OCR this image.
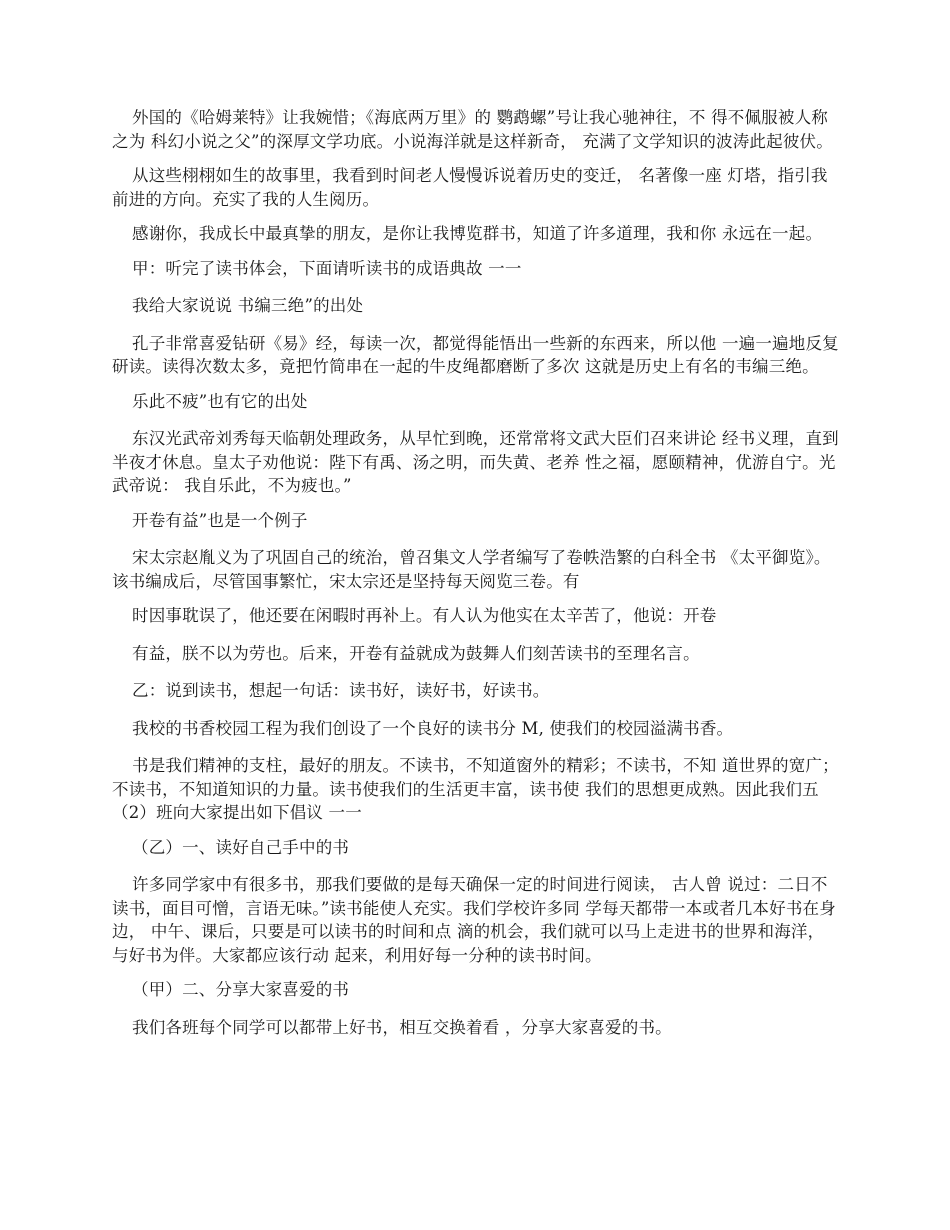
外国的《哈姆莱特》让我婉惜；《海底两万里》的 鹦鹉螺”号让我心驰神往，不 得不佩服被人称之为 科幻小说之父”的深厚文学功底。小说海洋就是这样新奇， 充满了文学知识的波涛此起彼伏。

从这些栩栩如生的故事里，我看到时间老人慢慢诉说着历史的变迁， 名著像一座 灯塔，指引我前进的方向。充实了我的人生阅历。

感谢你，我成长中最真挚的朋友，是你让我博览群书，知道了许多道理，我和你 永远在一起。

甲：听完了读书体会，下面请听读书的成语典故 一一

我给大家说说 书编三绝”的出处

孔子非常喜爱钻研《易》经，每读一次，都觉得能悟出一些新的东西来，所以他 一遍一遍地反复研读。读得次数太多，竟把竹简串在一起的牛皮绳都磨断了多次 这就是历史上有名的韦编三绝。

乐此不疲”也有它的出处

东汉光武帝刘秀每天临朝处理政务，从早忙到晚，还常常将文武大臣们召来讲论 经书义理，直到半夜才休息。皇太子劝他说：陛下有禹、汤之明，而失黄、老养 性之福，愿颐精神，优游自宁。光武帝说： 我自乐此，不为疲也。”

开卷有益”也是一个例子

宋太宗赵胤义为了巩固自己的统治，曾召集文人学者编写了卷帙浩繁的白科全书 《太平御览》。该书编成后，尽管国事繁忙，宋太宗还是坚持每天阅览三卷。有

时因事耽误了，他还要在闲暇时再补上。有人认为他实在太辛苦了，他说：开卷

有益，朕不以为劳也。后来，开卷有益就成为鼓舞人们刻苦读书的至理名言。

乙：说到读书，想起一句话：读书好，读好书，好读书。

我校的书香校园工程为我们创设了一个良好的读书分 M, 使我们的校园溢满书香。

书是我们精神的支柱，最好的朋友。不读书，不知道窗外的精彩；不读书，不知 道世界的宽广；不读书，不知道知识的力量。读书使我们的生活更丰富，读书使 我们的思想更成熟。因此我们五（2）班向大家提出如下倡议 一一

（乙）一、读好自己手中的书

许多同学家中有很多书，那我们要做的是每天确保一定的时间进行阅读， 古人曾 说过：二日不读书，面目可憎，言语无味。”读书能使人充实。我们学校许多同 学每天都带一本或者几本好书在身边， 中午、课后，只要是可以读书的时间和点 滴的机会，我们就可以马上走进书的世界和海洋， 与好书为伴。大家都应该行动 起来，利用好每一分种的读书时间。

（甲）二、分享大家喜爱的书

我们各班每个同学可以都带上好书，相互交换着看 ，分享大家喜爱的书。
